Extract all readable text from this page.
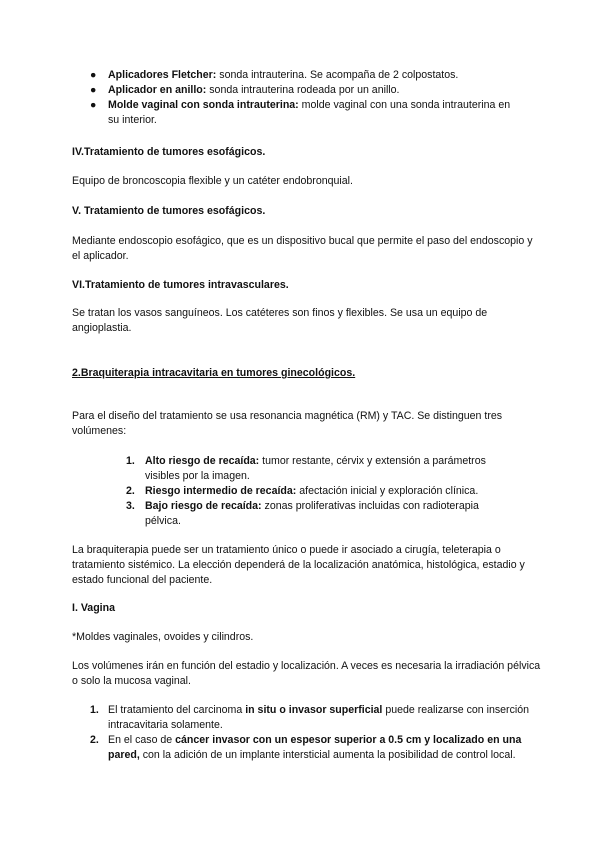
● Aplicadores Fletcher: sonda intrauterina. Se acompaña de 2 colpostatos.
● Aplicador en anillo: sonda intrauterina rodeada por un anillo.
● Molde vaginal con sonda intrauterina: molde vaginal con una sonda intrauterina en su interior.
IV.Tratamiento de tumores esofágicos.
Equipo de broncoscopia flexible y un catéter endobronquial.
V. Tratamiento de tumores esofágicos.
Mediante endoscopio esofágico, que es un dispositivo bucal que permite el paso del endoscopio y el aplicador.
VI.Tratamiento de tumores intravasculares.
Se tratan los vasos sanguíneos. Los catéteres son finos y flexibles. Se usa un equipo de angioplastia.
2.Braquiterapia intracavitaria en tumores ginecológicos.
Para el diseño del tratamiento se usa resonancia magnética (RM) y TAC. Se distinguen tres volúmenes:
1. Alto riesgo de recaída: tumor restante, cérvix y extensión a parámetros visibles por la imagen.
2. Riesgo intermedio de recaída: afectación inicial y exploración clínica.
3. Bajo riesgo de recaída: zonas proliferativas incluidas con radioterapia pélvica.
La braquiterapia puede ser un tratamiento único o puede ir asociado a cirugía, teleterapia o tratamiento sistémico. La elección dependerá de la localización anatómica, histológica, estadio y estado funcional del paciente.
I. Vagina
*Moldes vaginales, ovoides y cilindros.
Los volúmenes irán en función del estadio y localización. A veces es necesaria la irradiación pélvica o solo la mucosa vaginal.
1. El tratamiento del carcinoma in situ o invasor superficial puede realizarse con inserción intracavitaria solamente.
2. En el caso de cáncer invasor con un espesor superior a 0.5 cm y localizado en una pared, con la adición de un implante intersticial aumenta la posibilidad de control local.
